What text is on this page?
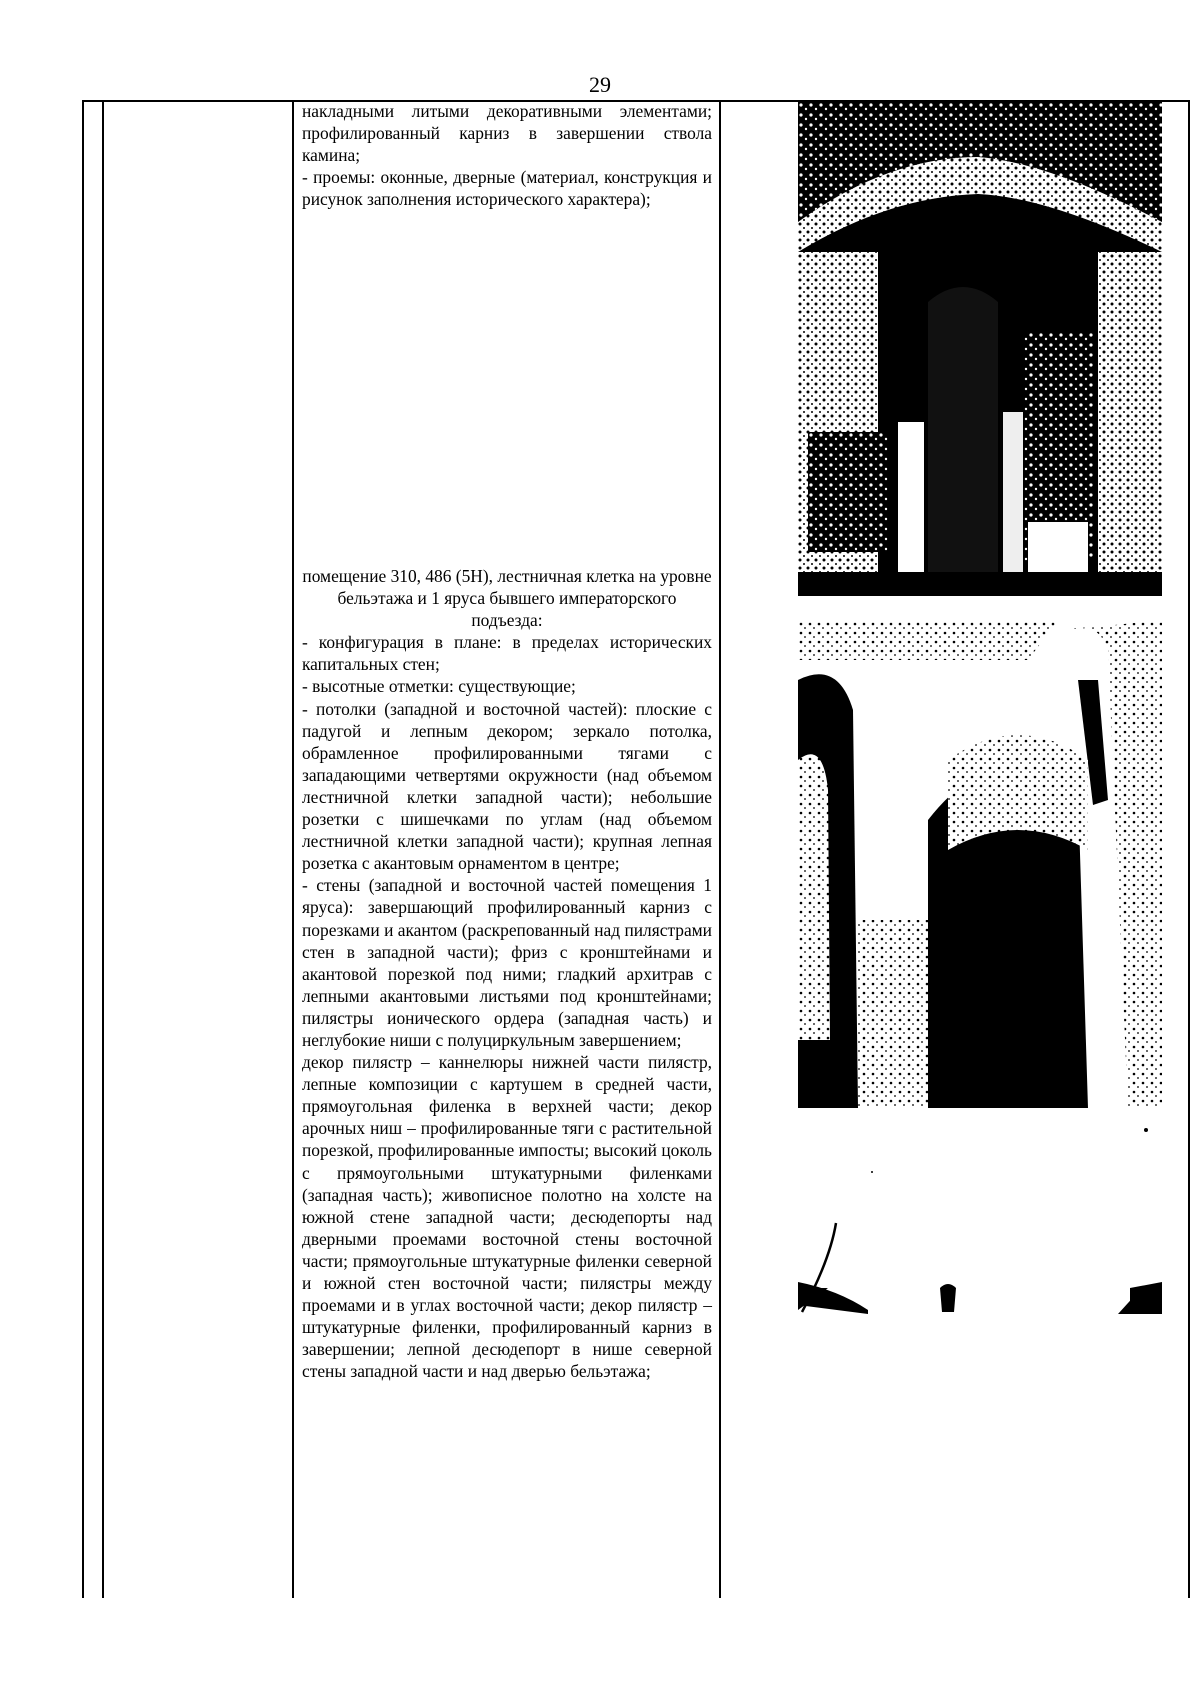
29

накладными литыми декоративными элементами; профилированный карниз в завершении ствола камина;

- проемы: оконные, дверные (материал, конструкция и рисунок заполнения исторического характера);

помещение 310, 486 (5Н), лестничная клетка на уровне бельэтажа и 1 яруса бывшего императорского подъезда:

- конфигурация в плане: в пределах исторических капитальных стен;

- высотные отметки: существующие;

- потолки (западной и восточной частей): плоские с падугой и лепным декором; зеркало потолка, обрамленное профилированными тягами с западающими четвертями окружности (над объемом лестничной клетки западной части); небольшие розетки с шишечками по углам (над объемом лестничной клетки западной части); крупная лепная розетка с акантовым орнаментом в центре;

- стены (западной и восточной частей помещения 1 яруса): завершающий профилированный карниз с порезками и акантом (раскрепованный над пилястрами стен в западной части); фриз с кронштейнами и акантовой порезкой под ними; гладкий архитрав с лепными акантовыми листьями под кронштейнами; пилястры ионического ордера (западная часть) и неглубокие ниши с полуциркульным завершением;

декор пилястр – каннелюры нижней части пилястр, лепные композиции с картушем в средней части, прямоугольная филенка в верхней части; декор арочных ниш – профилированные тяги с растительной порезкой, профилированные импосты; высокий цоколь с прямоугольными штукатурными филенками (западная часть); живописное полотно на холсте на южной стене западной части; десюдепорты над дверными проемами восточной стены восточной части; прямоугольные штукатурные филенки северной и южной стен восточной части; пилястры между проемами и в углах восточной части; декор пилястр – штукатурные филенки, профилированный карниз в завершении; лепной десюдепорт в нише северной стены западной части и над дверью бельэтажа;
